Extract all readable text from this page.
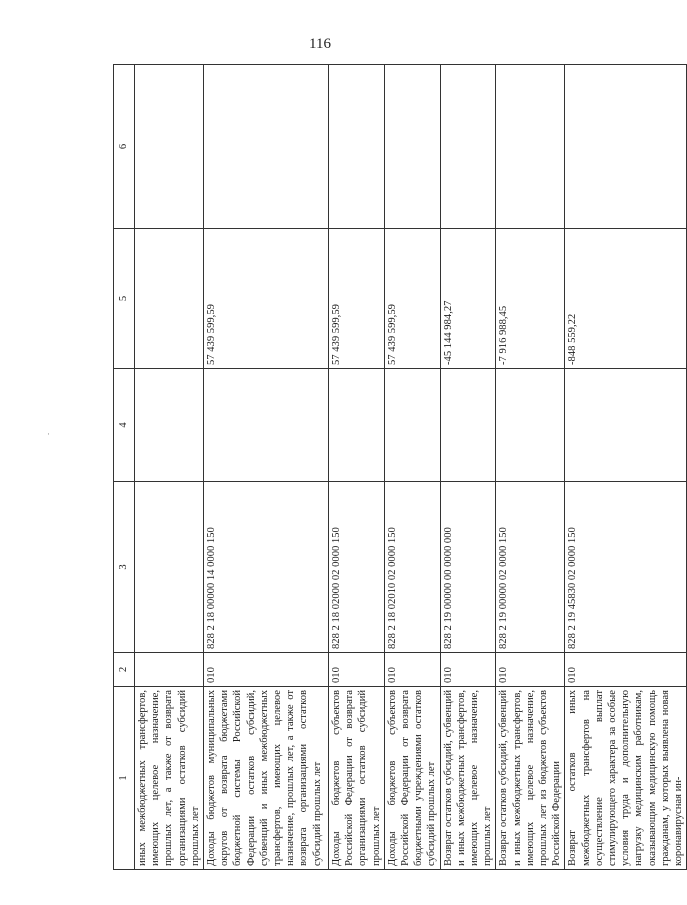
116
·
1	2	3	4	5	6
иных межбюджетных трансфертов, имеющих целевое назначение, прошлых лет, а также от возврата организациями остатков субсидий прошлых лет					
Доходы бюджетов муниципальных округов от возврата бюджетами бюджетной системы Российской Федерации остатков субсидий, субвенций и иных межбюджетных трансфертов, имеющих целевое назначение, прошлых лет, а также от возврата организациями остатков субсидий прошлых лет	010	828 2 18 00000 14 0000 150		57 439 599,59	
Доходы бюджетов субъектов Российской Федерации от возврата организациями остатков субсидий прошлых лет	010	828 2 18 02000 02 0000 150		57 439 599,59	
Доходы бюджетов субъектов Российской Федерации от возврата бюджетными учреждениями остатков субсидий прошлых лет	010	828 2 18 02010 02 0000 150		57 439 599,59	
Возврат остатков субсидий, субвенций и иных межбюджетных трансфертов, имеющих целевое назначение, прошлых лет	010	828 2 19 00000 00 0000 000		-45 144 984,27	
Возврат остатков субсидий, субвенций и иных межбюджетных трансфертов, имеющих целевое назначение, прошлых лет из бюджетов субъектов Российской Федерации	010	828 2 19 00000 02 0000 150		-7 916 988,45	
Возврат остатков иных межбюджетных трансфертов на осуществление выплат стимулирующего характера за особые условия труда и дополнительную нагрузку медицинским работникам, оказывающим медицинскую помощь гражданам, у которых выявлена новая коронавирусная ин-	010	828 2 19 45830 02 0000 150		-848 559,22	
